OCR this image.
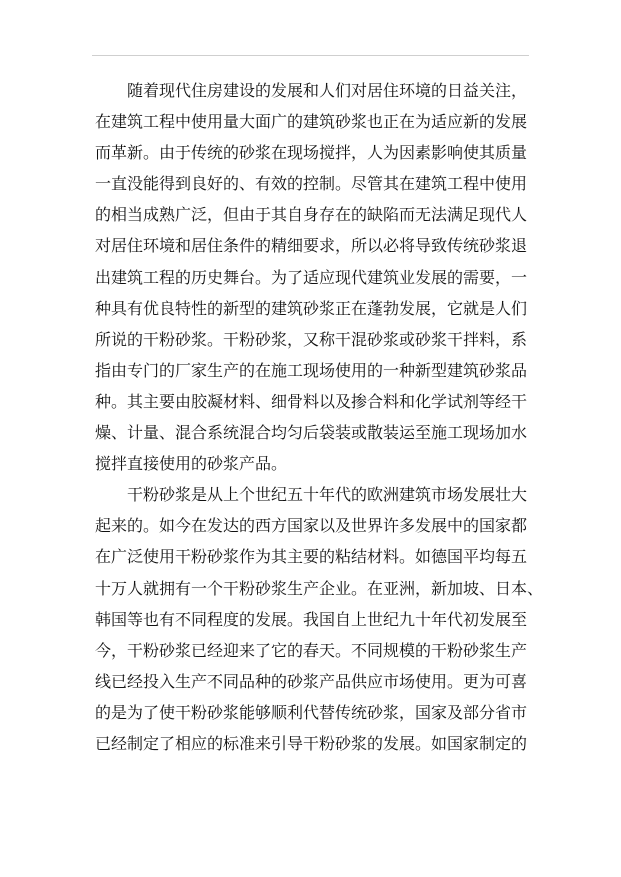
随着现代住房建设的发展和人们对居住环境的日益关注，
在建筑工程中使用量大面广的建筑砂浆也正在为适应新的发展
而革新。由于传统的砂浆在现场搅拌，人为因素影响使其质量
一直没能得到良好的、有效的控制。尽管其在建筑工程中使用
的相当成熟广泛，但由于其自身存在的缺陷而无法满足现代人
对居住环境和居住条件的精细要求，所以必将导致传统砂浆退
出建筑工程的历史舞台。为了适应现代建筑业发展的需要，一
种具有优良特性的新型的建筑砂浆正在蓬勃发展，它就是人们
所说的干粉砂浆。干粉砂浆，又称干混砂浆或砂浆干拌料，系
指由专门的厂家生产的在施工现场使用的一种新型建筑砂浆品
种。其主要由胶凝材料、细骨料以及掺合料和化学试剂等经干
燥、计量、混合系统混合均匀后袋装或散装运至施工现场加水
搅拌直接使用的砂浆产品。
干粉砂浆是从上个世纪五十年代的欧洲建筑市场发展壮大
起来的。如今在发达的西方国家以及世界许多发展中的国家都
在广泛使用干粉砂浆作为其主要的粘结材料。如德国平均每五
十万人就拥有一个干粉砂浆生产企业。在亚洲，新加坡、日本、
韩国等也有不同程度的发展。我国自上世纪九十年代初发展至
今，干粉砂浆已经迎来了它的春天。不同规模的干粉砂浆生产
线已经投入生产不同品种的砂浆产品供应市场使用。更为可喜
的是为了使干粉砂浆能够顺利代替传统砂浆，国家及部分省市
已经制定了相应的标准来引导干粉砂浆的发展。如国家制定的
